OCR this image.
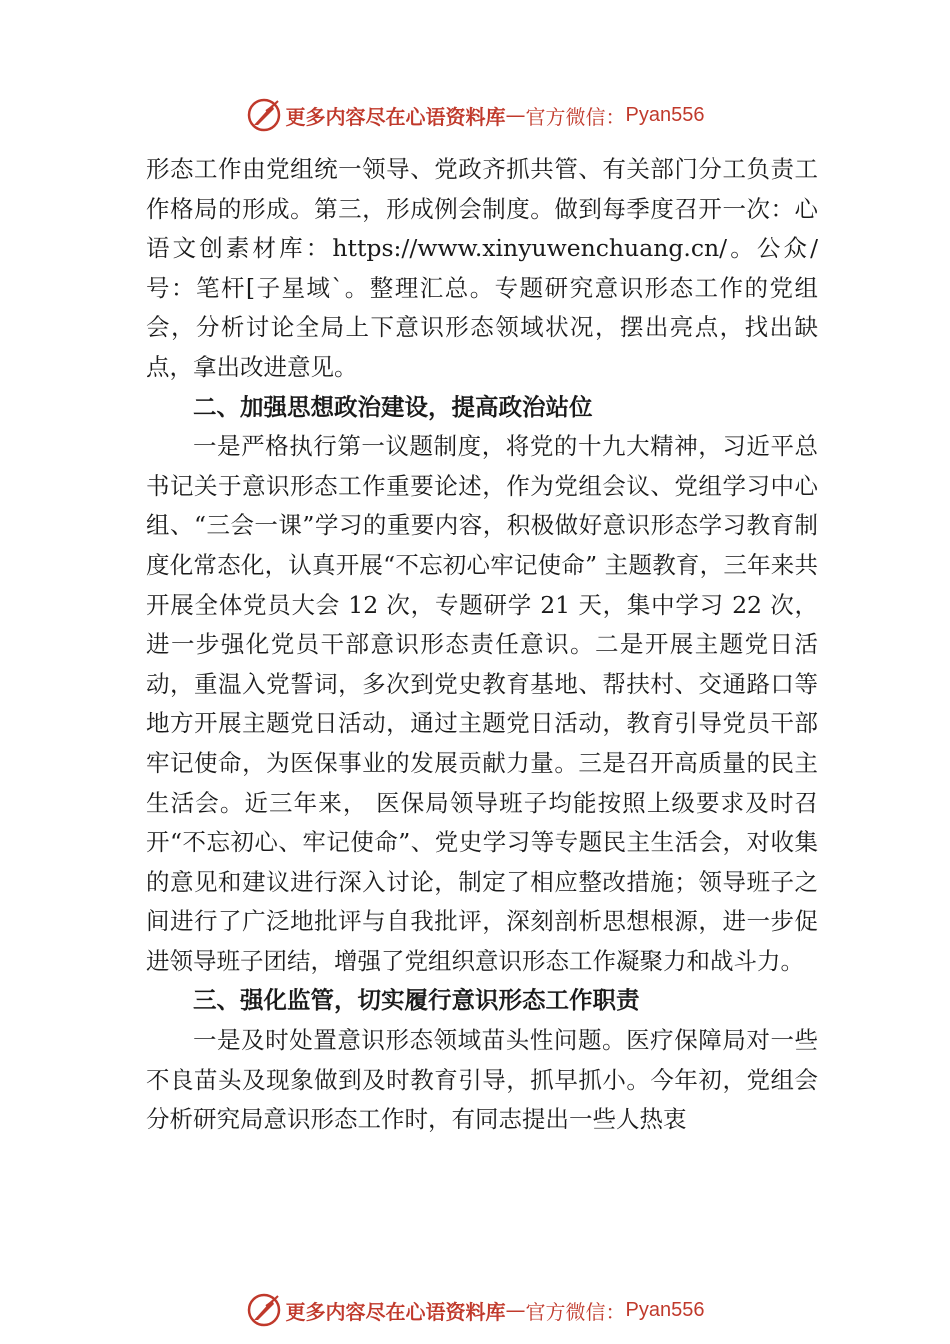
更多内容尽在心语资料库 — 官方微信： Pyan556

形态工作由党组统一领导、党政齐抓共管、有关部门分工负责工作格局的形成。第三，形成例会制度。做到每季度召开一次：心语文创素材库：https://www.xinyuwenchuang.cn/。公众/号：笔杆[子星域`。整理汇总。专题研究意识形态工作的党组会，分析讨论全局上下意识形态领域状况，摆出亮点，找出缺点，拿出改进意见。

二、加强思想政治建设，提高政治站位

一是严格执行第一议题制度，将党的十九大精神，习近平总书记关于意识形态工作重要论述，作为党组会议、党组学习中心组、“三会一课”学习的重要内容，积极做好意识形态学习教育制度化常态化，认真开展“不忘初心牢记使命” 主题教育，三年来共开展全体党员大会 12 次，专题研学 21 天，集中学习 22 次，进一步强化党员干部意识形态责任意识。二是开展主题党日活动，重温入党誓词，多次到党史教育基地、帮扶村、交通路口等地方开展主题党日活动，通过主题党日活动，教育引导党员干部牢记使命，为医保事业的发展贡献力量。三是召开高质量的民主生活会。近三年来， 医保局领导班子均能按照上级要求及时召开“不忘初心、牢记使命”、党史学习等专题民主生活会，对收集的意见和建议进行深入讨论，制定了相应整改措施；领导班子之间进行了广泛地批评与自我批评，深刻剖析思想根源，进一步促进领导班子团结，增强了党组织意识形态工作凝聚力和战斗力。

三、强化监管，切实履行意识形态工作职责

一是及时处置意识形态领域苗头性问题。医疗保障局对一些不良苗头及现象做到及时教育引导，抓早抓小。今年初，党组会分析研究局意识形态工作时，有同志提出一些人热衷

更多内容尽在心语资料库 — 官方微信： Pyan556
